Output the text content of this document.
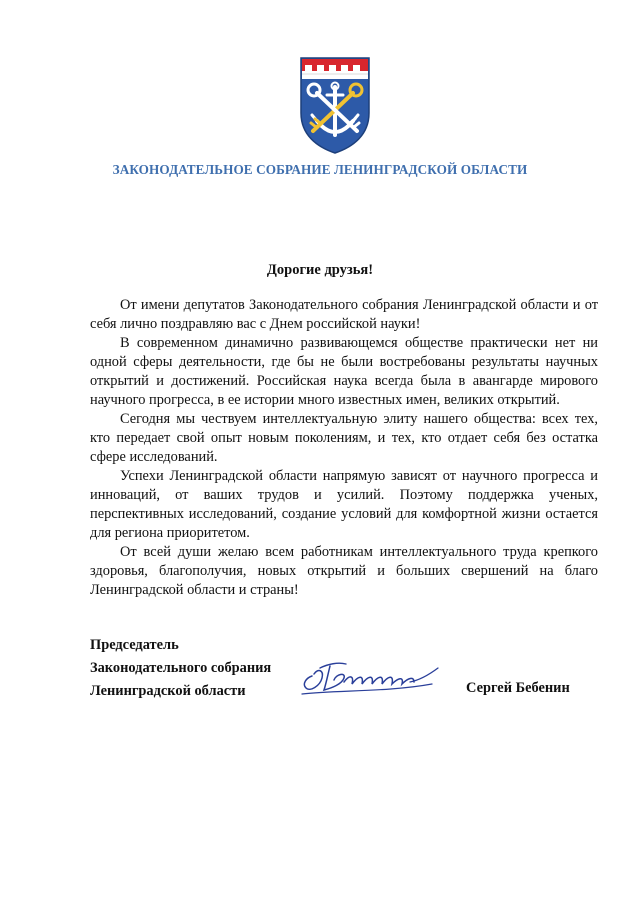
ЗАКОНОДАТЕЛЬНОЕ СОБРАНИЕ ЛЕНИНГРАДСКОЙ ОБЛАСТИ
Дорогие друзья!

От имени депутатов Законодательного собрания Ленинградской области и от себя лично поздравляю вас с Днем российской науки!

В современном динамично развивающемся обществе практически нет ни одной сферы деятельности, где бы не были востребованы результаты научных открытий и достижений. Российская наука всегда была в авангарде мирового научного прогресса, в ее истории много известных имен, великих открытий.

Сегодня мы чествуем интеллектуальную элиту нашего общества: всех тех, кто передает свой опыт новым поколениям, и тех, кто отдает себя без остатка сфере исследований.

Успехи Ленинградской области напрямую зависят от научного прогресса и инноваций, от ваших трудов и усилий. Поэтому поддержка ученых, перспективных исследований, создание условий для комфортной жизни остается для региона приоритетом.

От всей души желаю всем работникам интеллектуального труда крепкого здоровья, благополучия, новых открытий и больших свершений на благо Ленинградской области и страны!

Председатель
Законодательного собрания
Ленинградской области	Сергей Бебенин
